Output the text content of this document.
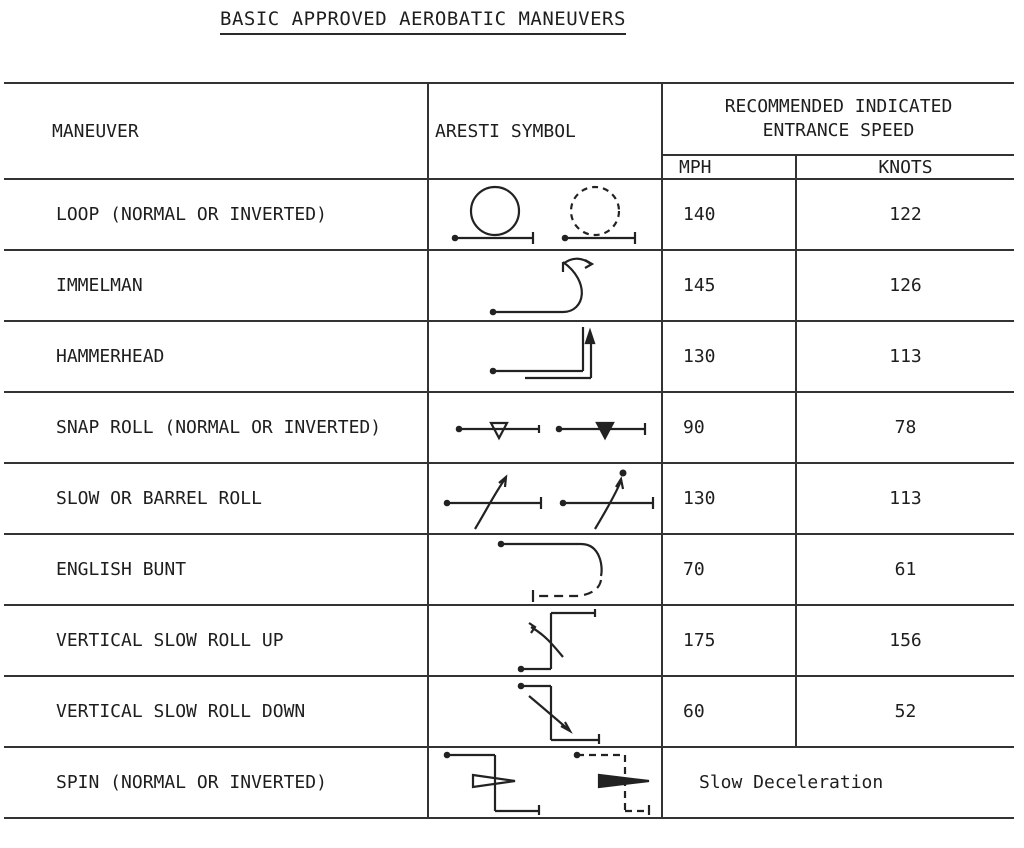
BASIC APPROVED AEROBATIC MANEUVERS
MANEUVER	ARESTI SYMBOL	RECOMMENDED INDICATED
ENTRANCE SPEED	

		MPH	KNOTS
LOOP (NORMAL OR INVERTED)		140	122
IMMELMAN		145	126
HAMMERHEAD		130	113
SNAP ROLL (NORMAL OR INVERTED)		90	78
SLOW OR BARREL ROLL		130	113
ENGLISH BUNT		70	61
VERTICAL SLOW ROLL UP		175	156
VERTICAL SLOW ROLL DOWN		60	52
SPIN (NORMAL OR INVERTED)		Slow Deceleration	
